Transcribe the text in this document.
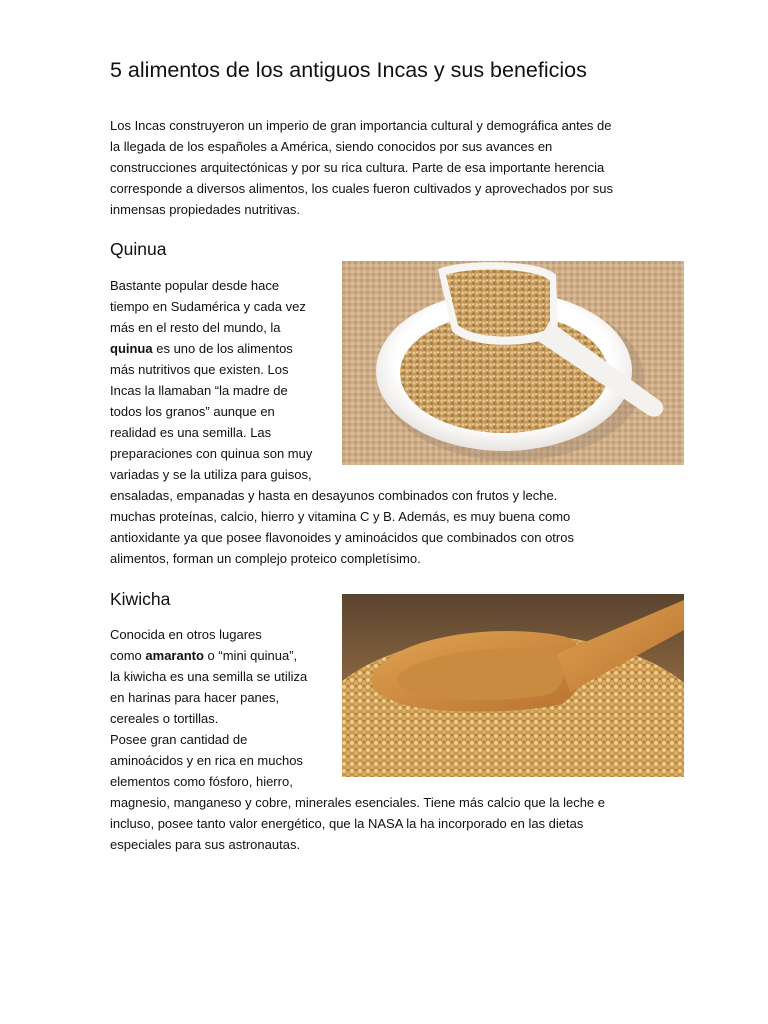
5 alimentos de los antiguos Incas y sus beneficios
Los Incas construyeron un imperio de gran importancia cultural y demográfica antes de
la llegada de los españoles a América, siendo conocidos por sus avances en
construcciones arquitectónicas y por su rica cultura. Parte de esa importante herencia
corresponde a diversos alimentos, los cuales fueron cultivados y aprovechados por sus
inmensas propiedades nutritivas.
Quinua
Bastante popular desde hace
tiempo en Sudamérica y cada vez
más en el resto del mundo, la
quinua es uno de los alimentos
más nutritivos que existen. Los
Incas la llamaban “la madre de
todos los granos” aunque en
realidad es una semilla. Las
preparaciones con quinua son muy
variadas y se la utiliza para guisos,
ensaladas, empanadas y hasta en desayunos combinados con frutos y leche.
muchas proteínas, calcio, hierro y vitamina C y B. Además, es muy buena como
antioxidante ya que posee flavonoides y aminoácidos que combinados con otros
alimentos, forman un complejo proteico completísimo.
Kiwicha
Conocida en otros lugares
como amaranto o “mini quinua”,
la kiwicha es una semilla se utiliza
en harinas para hacer panes,
cereales o tortillas.
Posee gran cantidad de
aminoácidos y en rica en muchos
elementos como fósforo, hierro,
magnesio, manganeso y cobre, minerales esenciales. Tiene más calcio que la leche e
incluso, posee tanto valor energético, que la NASA la ha incorporado en las dietas
especiales para sus astronautas.
